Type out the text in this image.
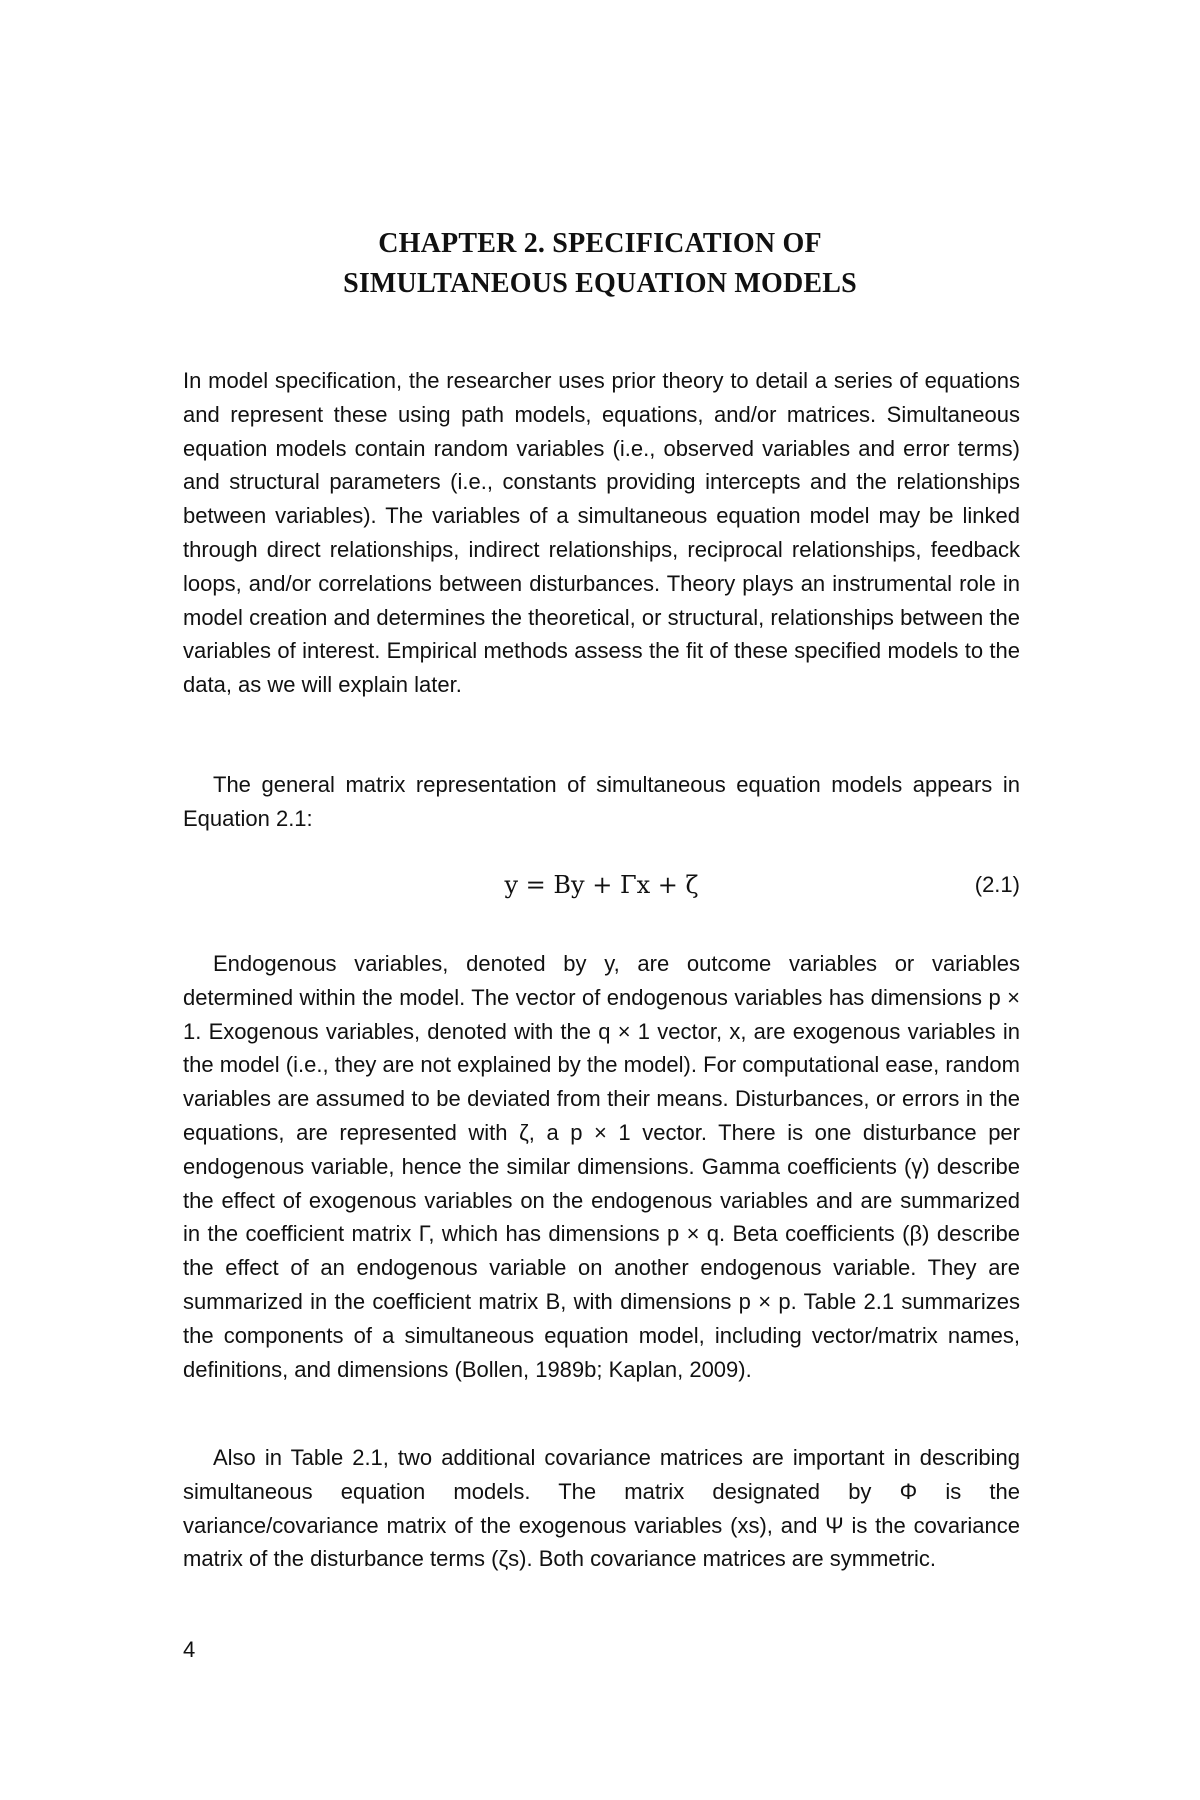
CHAPTER 2. SPECIFICATION OF
SIMULTANEOUS EQUATION MODELS

In model specification, the researcher uses prior theory to detail a series of equations and represent these using path models, equations, and/or matrices. Simultaneous equation models contain random variables (i.e., observed variables and error terms) and structural parameters (i.e., constants providing intercepts and the relationships between variables). The variables of a simultaneous equation model may be linked through direct relationships, indirect relationships, reciprocal relationships, feedback loops, and/or correlations between disturbances. Theory plays an instrumental role in model creation and determines the theoretical, or structural, relationships between the variables of interest. Empirical methods assess the fit of these specified models to the data, as we will explain later.

The general matrix representation of simultaneous equation models appears in Equation 2.1:

y = By + Γx + ζ	(2.1)

Endogenous variables, denoted by y, are outcome variables or variables determined within the model. The vector of endogenous variables has dimensions p × 1. Exogenous variables, denoted with the q × 1 vector, x, are exogenous variables in the model (i.e., they are not explained by the model). For computational ease, random variables are assumed to be deviated from their means. Disturbances, or errors in the equations, are represented with ζ, a p × 1 vector. There is one disturbance per endogenous variable, hence the similar dimensions. Gamma coefficients (γ) describe the effect of exogenous variables on the endogenous variables and are summarized in the coefficient matrix Γ, which has dimensions p × q. Beta coefficients (β) describe the effect of an endogenous variable on another endogenous variable. They are summarized in the coefficient matrix B, with dimensions p × p. Table 2.1 summarizes the components of a simultaneous equation model, including vector/matrix names, definitions, and dimensions (Bollen, 1989b; Kaplan, 2009).

Also in Table 2.1, two additional covariance matrices are important in describing simultaneous equation models. The matrix designated by Φ is the variance/covariance matrix of the exogenous variables (xs), and Ψ is the covariance matrix of the disturbance terms (ζs). Both covariance matrices are symmetric.

4
